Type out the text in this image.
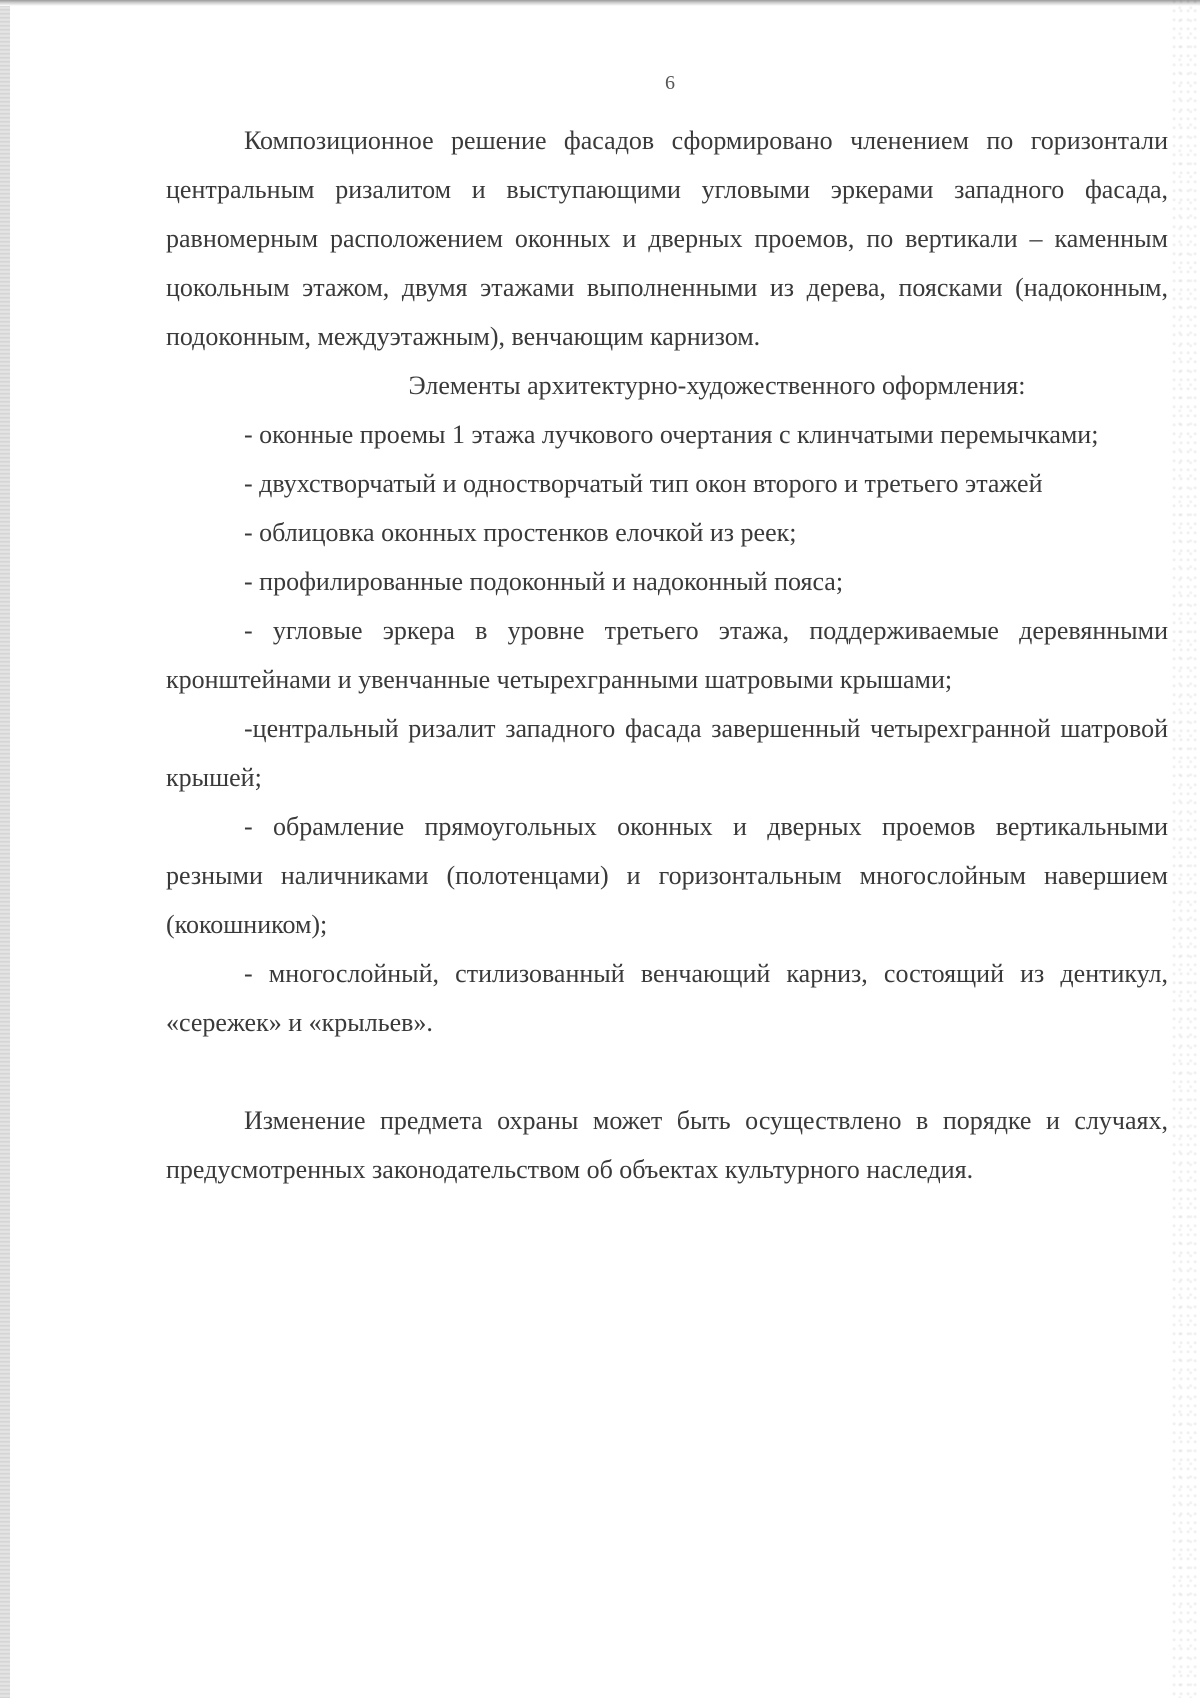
6

Композиционное решение фасадов сформировано членением по горизонтали центральным ризалитом и выступающими угловыми эркерами западного фасада, равномерным расположением оконных и дверных проемов, по вертикали – каменным цокольным этажом, двумя этажами выполненными из дерева, поясками (надоконным, подоконным, междуэтажным), венчающим карнизом.

Элементы архитектурно-художественного оформления:

- оконные проемы 1 этажа лучкового очертания с клинчатыми перемычками;

- двухстворчатый и одностворчатый тип окон второго и третьего этажей

- облицовка оконных простенков елочкой из реек;

- профилированные подоконный и надоконный пояса;

- угловые эркера в уровне третьего этажа, поддерживаемые деревянными кронштейнами и увенчанные четырехгранными шатровыми крышами;

-центральный ризалит западного фасада завершенный четырехгранной шатровой крышей;

- обрамление прямоугольных оконных и дверных проемов вертикальными резными наличниками (полотенцами) и горизонтальным многослойным навершием (кокошником);

- многослойный, стилизованный венчающий карниз, состоящий из дентикул, «сережек» и «крыльев».

Изменение предмета охраны может быть осуществлено в порядке и случаях, предусмотренных законодательством об объектах культурного наследия.
